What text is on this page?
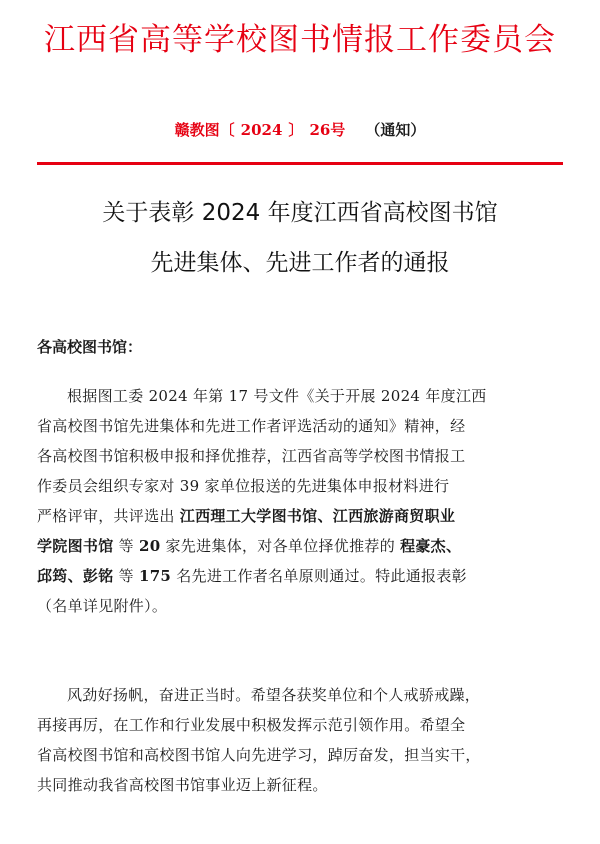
江西省高等学校图书情报工作委员会
赣教图〔 2024 〕 26号 （通知）
关于表彰 2024 年度江西省高校图书馆
先进集体、先进工作者的通报
各高校图书馆：
根据图工委 2024 年第 17 号文件《关于开展 2024 年度江西
省高校图书馆先进集体和先进工作者评选活动的通知》精神，经
各高校图书馆积极申报和择优推荐，江西省高等学校图书情报工
作委员会组织专家对 39 家单位报送的先进集体申报材料进行
严格评审，共评选出 江西理工大学图书馆、江西旅游商贸职业
学院图书馆 等 20 家先进集体，对各单位择优推荐的 程豪杰、
邱筠、彭铭 等 175 名先进工作者名单原则通过。特此通报表彰
（名单详见附件）。
风劲好扬帆，奋进正当时。希望各获奖单位和个人戒骄戒躁，
再接再厉，在工作和行业发展中积极发挥示范引领作用。希望全
省高校图书馆和高校图书馆人向先进学习，踔厉奋发，担当实干，
共同推动我省高校图书馆事业迈上新征程。
